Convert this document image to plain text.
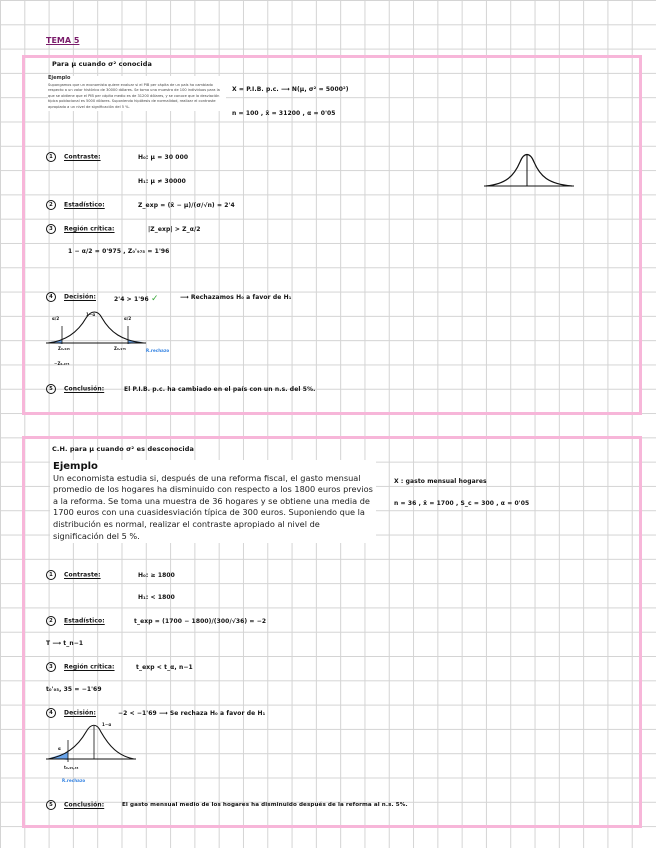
TEMA 5
Para μ cuando σ² conocida
Ejemplo
Supongamos que un economista quiere evaluar si el PIB per cápita de un país ha cambiado respecto a un valor histórico de 30000 dólares. Se toma una muestra de 100 individuos para la que se obtiene que el PIB per cápita medio es de 31200 dólares, y se conoce que la desviación típica poblacional es 5000 dólares. Suponiendo hipótesis de normalidad, realizar el contraste apropiado a un nivel de significación del 5 %.
X = P.I.B. p.c. ⟶ N(μ, σ² = 5000²)
n = 100 , x̄ = 31200 , α = 0'05
1 Contraste:	H₀: μ = 30 000
H₁: μ ≠ 30000
2 Estadístico:	Z_exp = (x̄ − μ)/(σ/√n) = 2'4
3 Región crítica:	|Z_exp| > Z_α/2
1 − α/2 = 0'975 , Z₀'₉₇₅ = 1'96
4 Decisión:	2'4 > 1'96 ✓	⟶ Rechazamos H₀ a favor de H₁
α/2
1−α
α/2
Z₀.₀₂₅
−Z₀.₉₇₅
Z₀.₉₇₅	R.rechazo
5 Conclusión:	El P.I.B. p.c. ha cambiado en el país con un n.s. del 5%.
C.H. para μ cuando σ² es desconocida
Ejemplo
Un economista estudia si, después de una reforma fiscal, el gasto mensual promedio de los hogares ha disminuido con respecto a los 1800 euros previos a la reforma. Se toma una muestra de 36 hogares y se obtiene una media de 1700 euros con una cuasidesviación típica de 300 euros. Suponiendo que la distribución es normal, realizar el contraste apropiado al nivel de significación del 5 %.
X : gasto mensual hogares
n = 36 , x̄ = 1700 , S_c = 300 , α = 0'05
1 Contraste:	H₀: ≥ 1800
H₁: < 1800
2 Estadístico:	t_exp = (1700 − 1800)/(300/√36) = −2
T ⟶ t_n−1
3 Región crítica:	t_exp < t_α, n−1
t₀'₀₅, 35 = −1'69
4 Decisión:	−2 < −1'69 ⟶ Se rechaza H₀ a favor de H₁
1−α
α
t₀.₀₅,₃₅
R.rechazo
5 Conclusión:	El gasto mensual medio de los hogares ha disminuido después de la reforma al n.s. 5%.
